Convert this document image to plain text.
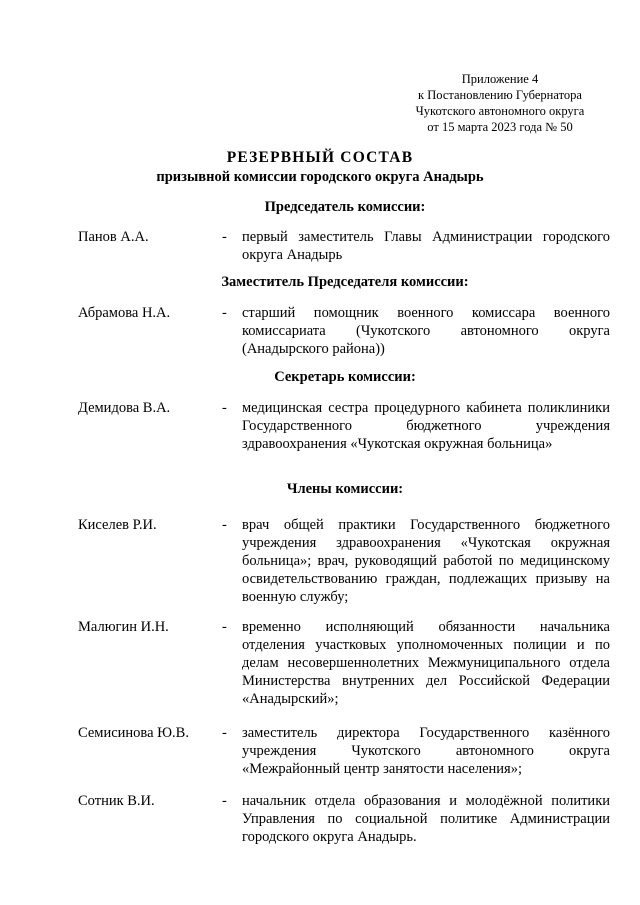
Приложение 4
к Постановлению Губернатора
Чукотского автономного округа
от 15 марта 2023 года № 50
РЕЗЕРВНЫЙ СОСТАВ
призывной комиссии городского округа Анадырь
Председатель комиссии:
Панов А.А.	- первый заместитель Главы Администрации городского округа Анадырь
Заместитель Председателя комиссии:
Абрамова Н.А.	- старший помощник военного комиссара военного комиссариата (Чукотского автономного округа (Анадырского района))
Секретарь комиссии:
Демидова В.А.	- медицинская сестра процедурного кабинета поликлиники Государственного бюджетного учреждения здравоохранения «Чукотская окружная больница»
Члены комиссии:
Киселев Р.И.	- врач общей практики Государственного бюджетного учреждения здравоохранения «Чукотская окружная больница»; врач, руководящий работой по медицинскому освидетельствованию граждан, подлежащих призыву на военную службу;
Малюгин И.Н.	- временно исполняющий обязанности начальника отделения участковых уполномоченных полиции и по делам несовершеннолетних Межмуниципального отдела Министерства внутренних дел Российской Федерации «Анадырский»;
Семисинова Ю.В. - заместитель директора Государственного казённого учреждения Чукотского автономного округа «Межрайонный центр занятости населения»;
Сотник В.И.	- начальник отдела образования и молодёжной политики Управления по социальной политике Администрации городского округа Анадырь.
